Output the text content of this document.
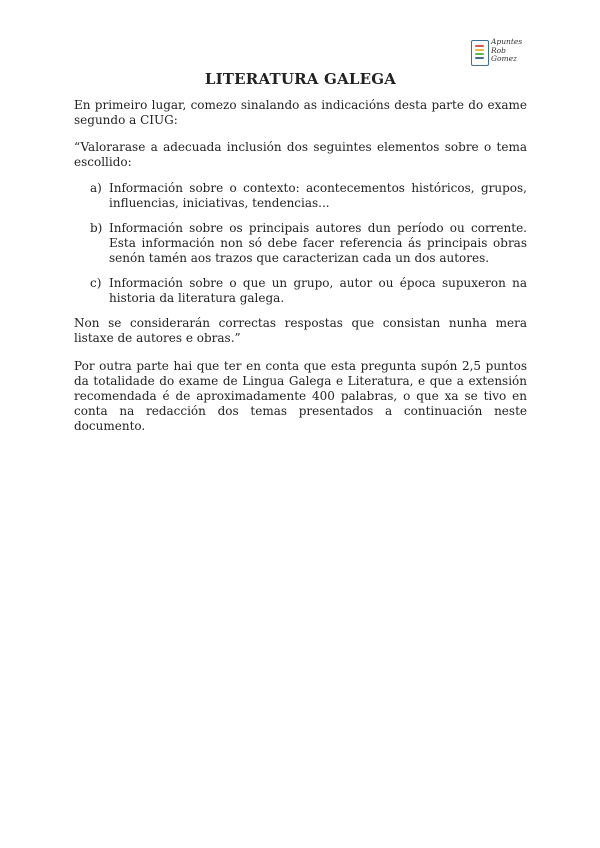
Apuntes
Rob
Gomez
LITERATURA GALEGA

En primeiro lugar, comezo sinalando as indicacións desta parte do exame segundo a CIUG:

“Valorarase a adecuada inclusión dos seguintes elementos sobre o tema escollido:

a) Información sobre o contexto: acontecementos históricos, grupos, influencias, iniciativas, tendencias...
b) Información sobre os principais autores dun período ou corrente. Esta información non só debe facer referencia ás principais obras senón tamén aos trazos que caracterizan cada un dos autores.
c) Información sobre o que un grupo, autor ou época supuxeron na historia da literatura galega.

Non se considerarán correctas respostas que consistan nunha mera listaxe de autores e obras.”

Por outra parte hai que ter en conta que esta pregunta supón 2,5 puntos da totalidade do exame de Lingua Galega e Literatura, e que a extensión recomendada é de aproximadamente 400 palabras, o que xa se tivo en conta na redacción dos temas presentados a continuación neste documento.
